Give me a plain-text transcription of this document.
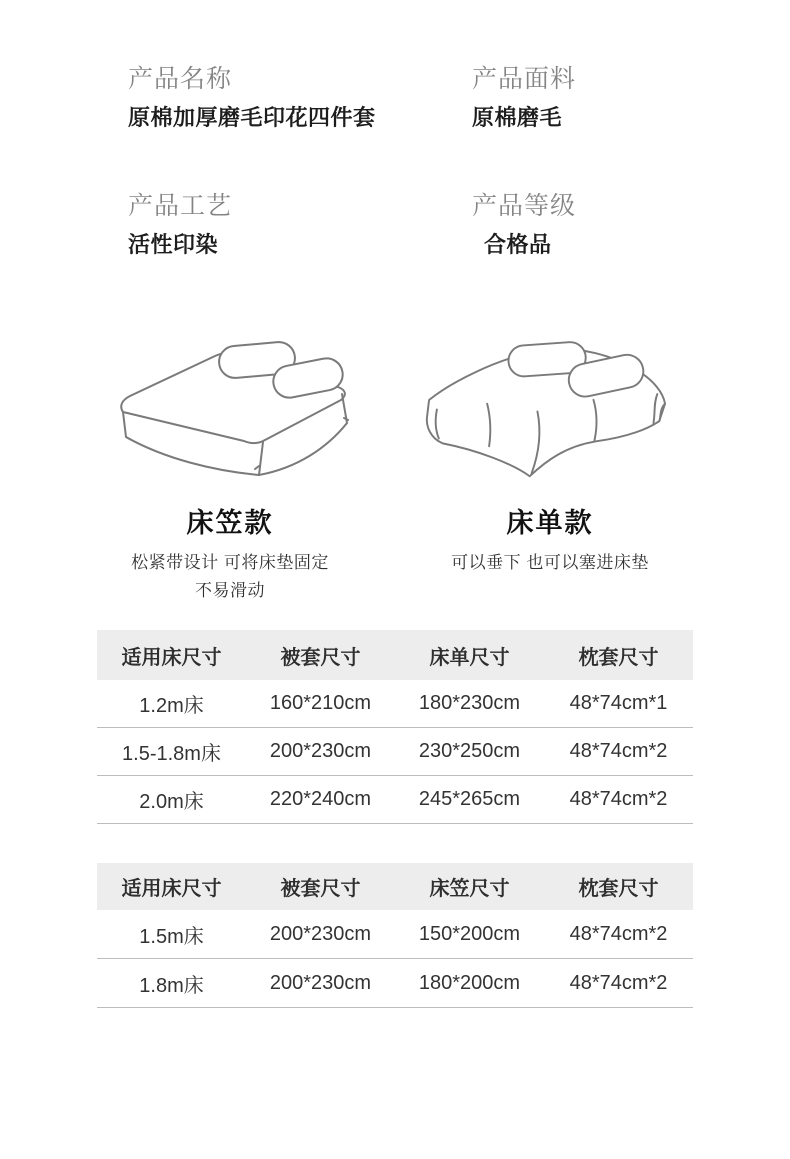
产品名称
原棉加厚磨毛印花四件套
产品面料
原棉磨毛
产品工艺
活性印染
产品等级
合格品
床笠款
松紧带设计 可将床垫固定
不易滑动
床单款
可以垂下 也可以塞进床垫
适用床尺寸	被套尺寸	床单尺寸	枕套尺寸
1.2m床	160*210cm	180*230cm	48*74cm*1
1.5-1.8m床	200*230cm	230*250cm	48*74cm*2
2.0m床	220*240cm	245*265cm	48*74cm*2
适用床尺寸	被套尺寸	床笠尺寸	枕套尺寸
1.5m床	200*230cm	150*200cm	48*74cm*2
1.8m床	200*230cm	180*200cm	48*74cm*2
